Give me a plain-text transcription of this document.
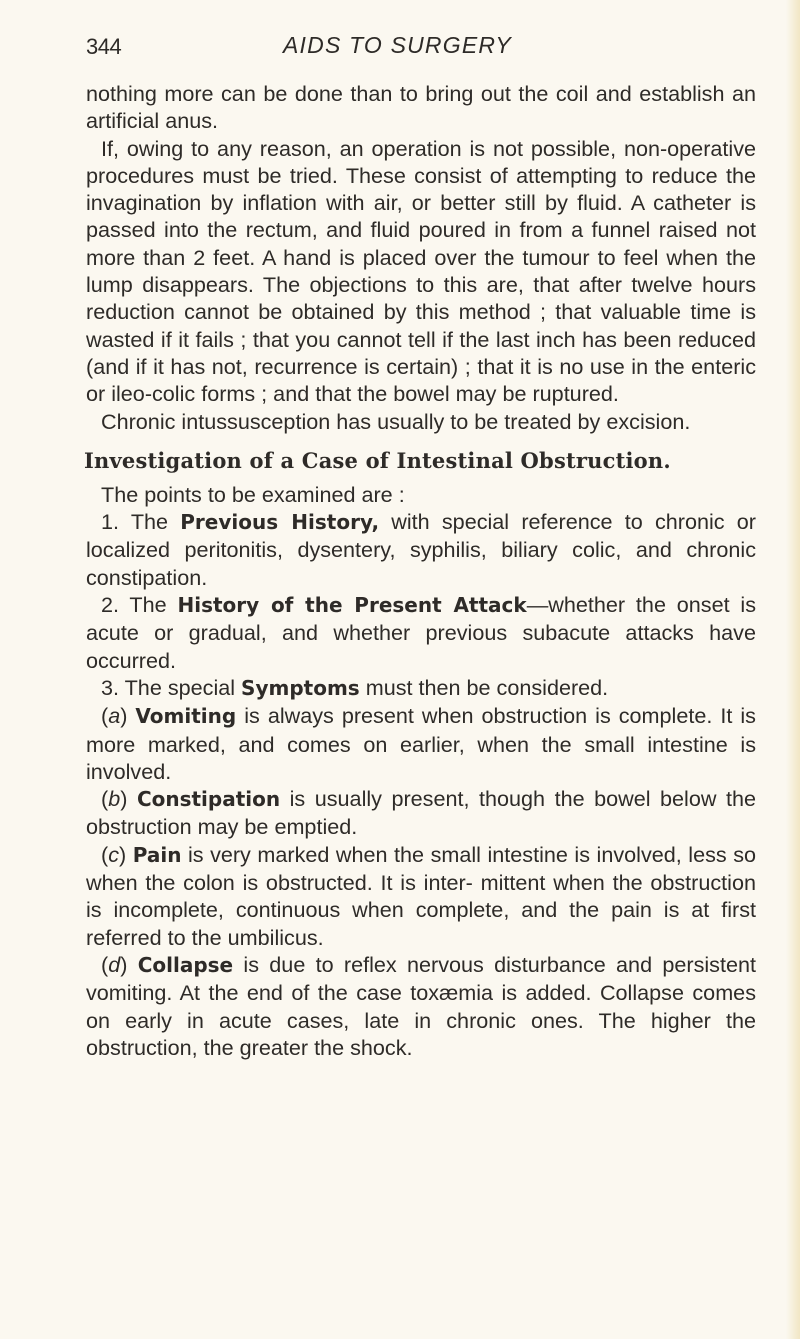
344	AIDS TO SURGERY

nothing more can be done than to bring out the coil and establish an artificial anus.

If, owing to any reason, an operation is not possible, non-operative procedures must be tried. These consist of attempting to reduce the invagination by inflation with air, or better still by fluid. A catheter is passed into the rectum, and fluid poured in from a funnel raised not more than 2 feet. A hand is placed over the tumour to feel when the lump disappears. The objections to this are, that after twelve hours reduction cannot be obtained by this method ; that valuable time is wasted if it fails ; that you cannot tell if the last inch has been reduced (and if it has not, recurrence is certain) ; that it is no use in the enteric or ileo-colic forms ; and that the bowel may be ruptured.

Chronic intussusception has usually to be treated by excision.

Investigation of a Case of Intestinal Obstruction.

The points to be examined are :

1. The Previous History, with special reference to chronic or localized peritonitis, dysentery, syphilis, biliary colic, and chronic constipation.

2. The History of the Present Attack—whether the onset is acute or gradual, and whether previous subacute attacks have occurred.

3. The special Symptoms must then be considered.

(a) Vomiting is always present when obstruction is complete. It is more marked, and comes on earlier, when the small intestine is involved.

(b) Constipation is usually present, though the bowel below the obstruction may be emptied.

(c) Pain is very marked when the small intestine is involved, less so when the colon is obstructed. It is inter- mittent when the obstruction is incomplete, continuous when complete, and the pain is at first referred to the umbilicus.

(d) Collapse is due to reflex nervous disturbance and persistent vomiting. At the end of the case toxæmia is added. Collapse comes on early in acute cases, late in chronic ones. The higher the obstruction, the greater the shock.
